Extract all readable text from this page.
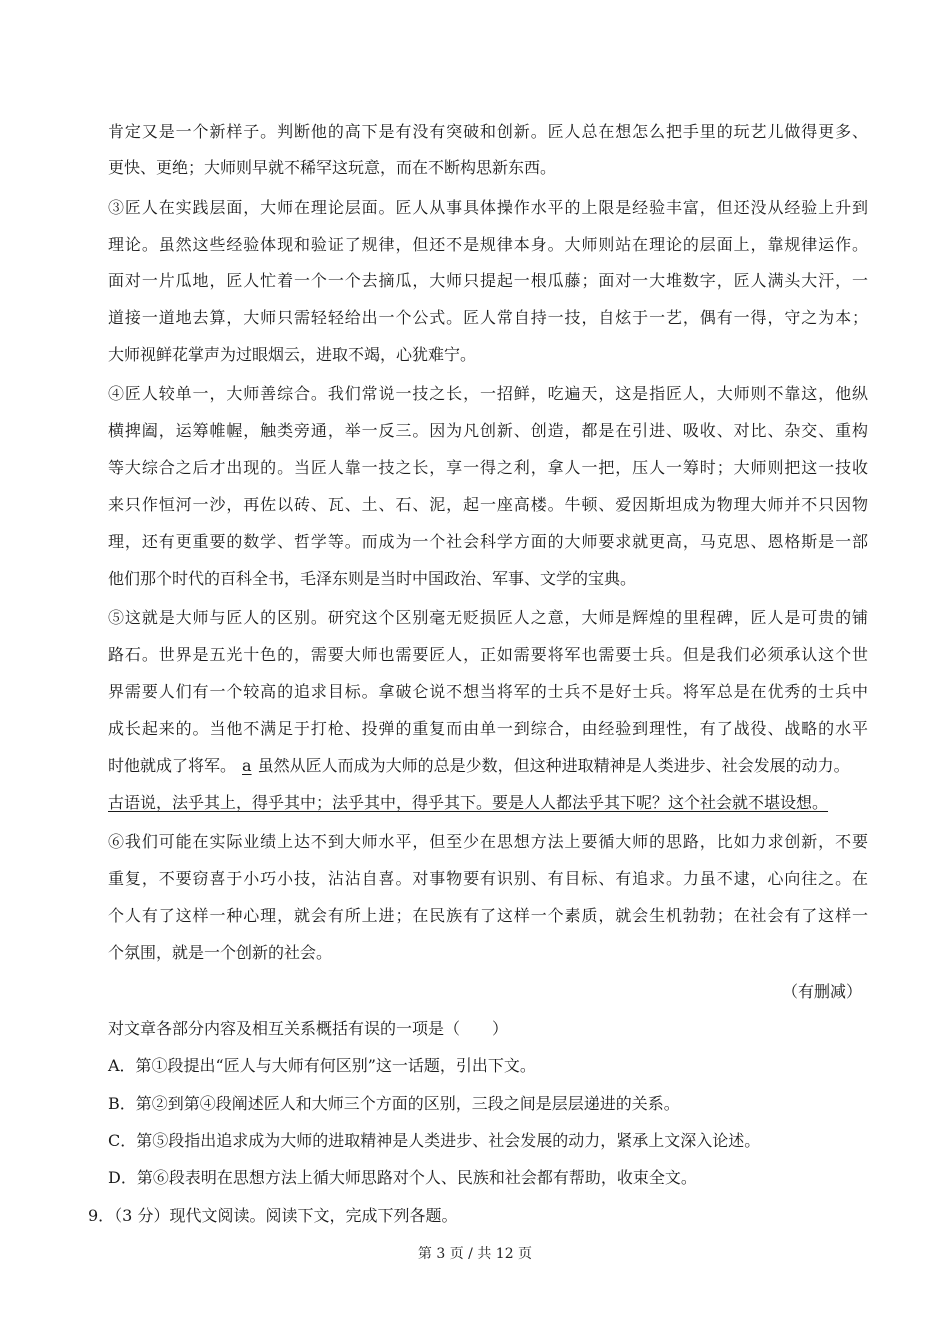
肯定又是一个新样子。判断他的高下是有没有突破和创新。匠人总在想怎么把手里的玩艺儿做得更多、
更快、更绝；大师则早就不稀罕这玩意，而在不断构思新东西。
③匠人在实践层面，大师在理论层面。匠人从事具体操作水平的上限是经验丰富，但还没从经验上升到
理论。虽然这些经验体现和验证了规律，但还不是规律本身。大师则站在理论的层面上，靠规律运作。
面对一片瓜地，匠人忙着一个一个去摘瓜，大师只提起一根瓜藤；面对一大堆数字，匠人满头大汗，一
道接一道地去算，大师只需轻轻给出一个公式。匠人常自持一技，自炫于一艺，偶有一得，守之为本；
大师视鲜花掌声为过眼烟云，进取不竭，心犹难宁。
④匠人较单一，大师善综合。我们常说一技之长，一招鲜，吃遍天，这是指匠人，大师则不靠这，他纵
横捭阖，运筹帷幄，触类旁通，举一反三。因为凡创新、创造，都是在引进、吸收、对比、杂交、重构
等大综合之后才出现的。当匠人靠一技之长，享一得之利，拿人一把，压人一筹时；大师则把这一技收
来只作恒河一沙，再佐以砖、瓦、土、石、泥，起一座高楼。牛顿、爱因斯坦成为物理大师并不只因物
理，还有更重要的数学、哲学等。而成为一个社会科学方面的大师要求就更高，马克思、恩格斯是一部
他们那个时代的百科全书，毛泽东则是当时中国政治、军事、文学的宝典。
⑤这就是大师与匠人的区别。研究这个区别毫无贬损匠人之意，大师是辉煌的里程碑，匠人是可贵的铺
路石。世界是五光十色的，需要大师也需要匠人，正如需要将军也需要士兵。但是我们必须承认这个世
界需要人们有一个较高的追求目标。拿破仑说不想当将军的士兵不是好士兵。将军总是在优秀的士兵中
成长起来的。当他不满足于打枪、投弹的重复而由单一到综合，由经验到理性，有了战役、战略的水平
时他就成了将军。 a 虽然从匠人而成为大师的总是少数，但这种进取精神是人类进步、社会发展的动力。
古语说，法乎其上，得乎其中；法乎其中，得乎其下。要是人人都法乎其下呢？这个社会就不堪设想。
⑥我们可能在实际业绩上达不到大师水平，但至少在思想方法上要循大师的思路，比如力求创新，不要
重复，不要窃喜于小巧小技，沾沾自喜。对事物要有识别、有目标、有追求。力虽不逮，心向往之。在
个人有了这样一种心理，就会有所上进；在民族有了这样一个素质，就会生机勃勃；在社会有了这样一
个氛围，就是一个创新的社会。
（有删减）
对文章各部分内容及相互关系概括有误的一项是（　　）
A．第①段提出“匠人与大师有何区别”这一话题，引出下文。
B．第②到第④段阐述匠人和大师三个方面的区别，三段之间是层层递进的关系。
C．第⑤段指出追求成为大师的进取精神是人类进步、社会发展的动力，紧承上文深入论述。
D．第⑥段表明在思想方法上循大师思路对个人、民族和社会都有帮助，收束全文。
9．（3 分）现代文阅读。阅读下文，完成下列各题。
第 3 页 / 共 12 页
